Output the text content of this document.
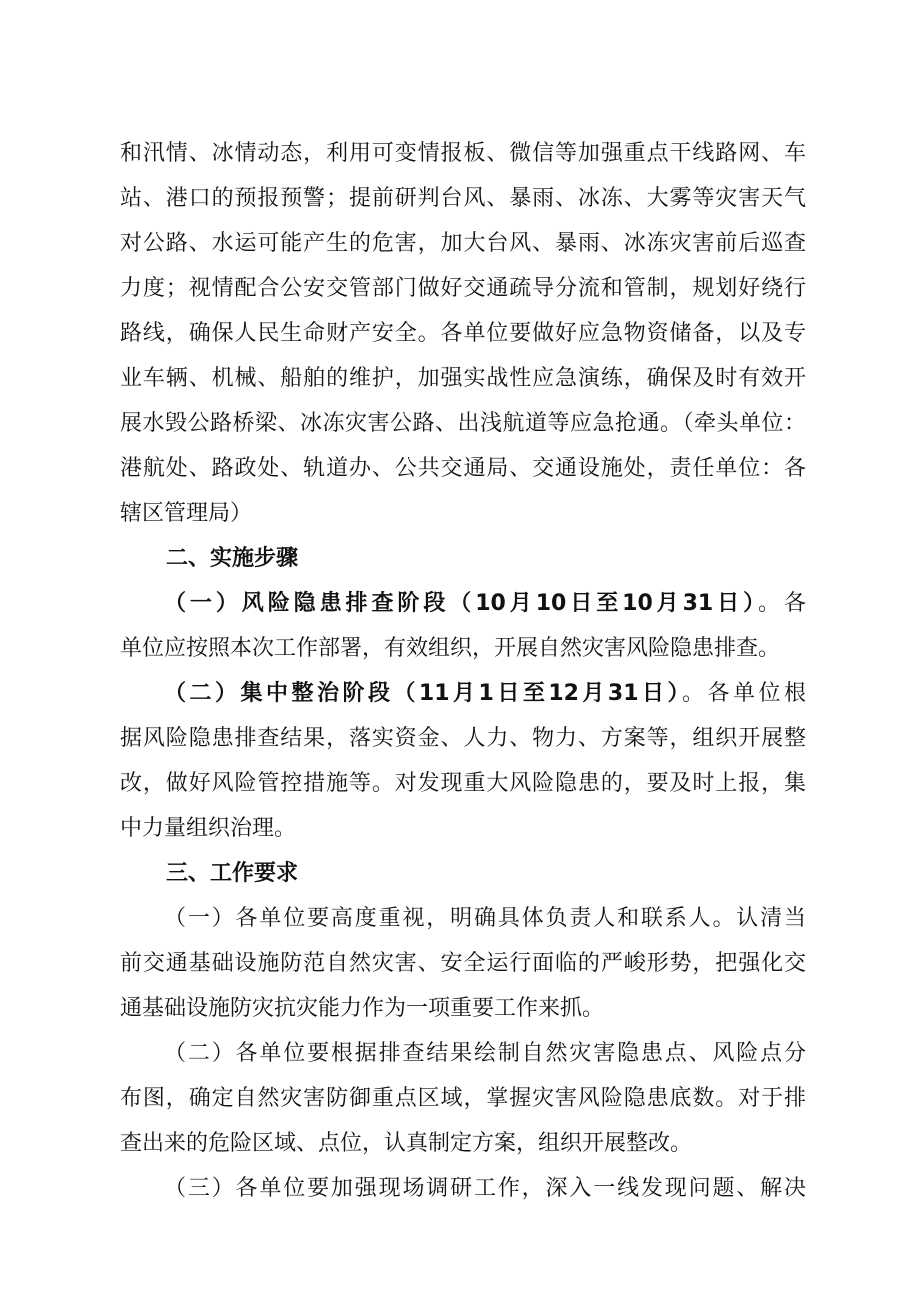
和汛情、冰情动态，利用可变情报板、微信等加强重点干线路网、车
站、港口的预报预警；提前研判台风、暴雨、冰冻、大雾等灾害天气
对公路、水运可能产生的危害，加大台风、暴雨、冰冻灾害前后巡查
力度；视情配合公安交管部门做好交通疏导分流和管制，规划好绕行
路线，确保人民生命财产安全。各单位要做好应急物资储备，以及专
业车辆、机械、船舶的维护，加强实战性应急演练，确保及时有效开
展水毁公路桥梁、冰冻灾害公路、出浅航道等应急抢通。（牵头单位：
港航处、路政处、轨道办、公共交通局、交通设施处，责任单位：各
辖区管理局）
二、实施步骤
（一）风险隐患排查阶段（10月10日至10月31日）。各
单位应按照本次工作部署，有效组织，开展自然灾害风险隐患排查。
（二）集中整治阶段（11月1日至12月31日）。各单位根
据风险隐患排查结果，落实资金、人力、物力、方案等，组织开展整
改，做好风险管控措施等。对发现重大风险隐患的，要及时上报，集
中力量组织治理。
三、工作要求
（一）各单位要高度重视，明确具体负责人和联系人。认清当
前交通基础设施防范自然灾害、安全运行面临的严峻形势，把强化交
通基础设施防灾抗灾能力作为一项重要工作来抓。
（二）各单位要根据排查结果绘制自然灾害隐患点、风险点分
布图，确定自然灾害防御重点区域，掌握灾害风险隐患底数。对于排
查出来的危险区域、点位，认真制定方案，组织开展整改。
（三）各单位要加强现场调研工作，深入一线发现问题、解决
